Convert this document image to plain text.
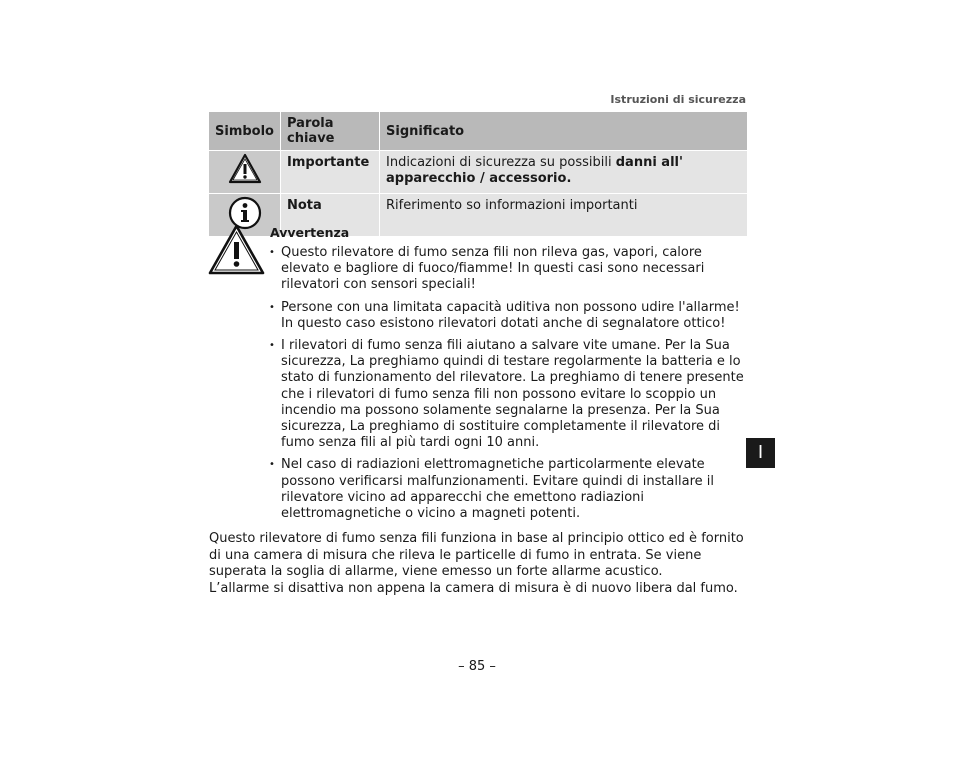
Istruzioni di sicurezza
Simbolo	Parola chiave	Significato
	Importante	Indicazioni di sicurezza su possibili danni all' apparecchio / accessorio.
	Nota	Riferimento so informazioni importanti
Avvertenza
• Questo rilevatore di fumo senza fili non rileva gas, vapori, calore elevato e bagliore di fuoco/fiamme! In questi casi sono necessari rilevatori con sensori speciali!
• Persone con una limitata capacità uditiva non possono udire l'allarme! In questo caso esistono rilevatori dotati anche di segnalatore ottico!
• I rilevatori di fumo senza fili aiutano a salvare vite umane. Per la Sua sicurezza, La preghiamo quindi di testare regolarmente la batteria e lo stato di funzionamento del rilevatore. La preghiamo di tenere presente che i rilevatori di fumo senza fili non possono evitare lo scoppio un incendio ma possono solamente segnalarne la presenza. Per la Sua sicurezza, La preghiamo di sostituire completamente il rilevatore di fumo senza fili al più tardi ogni 10 anni.
• Nel caso di radiazioni elettromagnetiche particolarmente elevate possono verificarsi malfunzionamenti. Evitare quindi di installare il rilevatore vicino ad apparecchi che emettono radiazioni elettromagnetiche o vicino a magneti potenti.
Questo rilevatore di fumo senza fili funziona in base al principio ottico ed è fornito di una camera di misura che rileva le particelle di fumo in entrata. Se viene superata la soglia di allarme, viene emesso un forte allarme acustico.
L’allarme si disattiva non appena la camera di misura è di nuovo libera dal fumo.
I
– 85 –
